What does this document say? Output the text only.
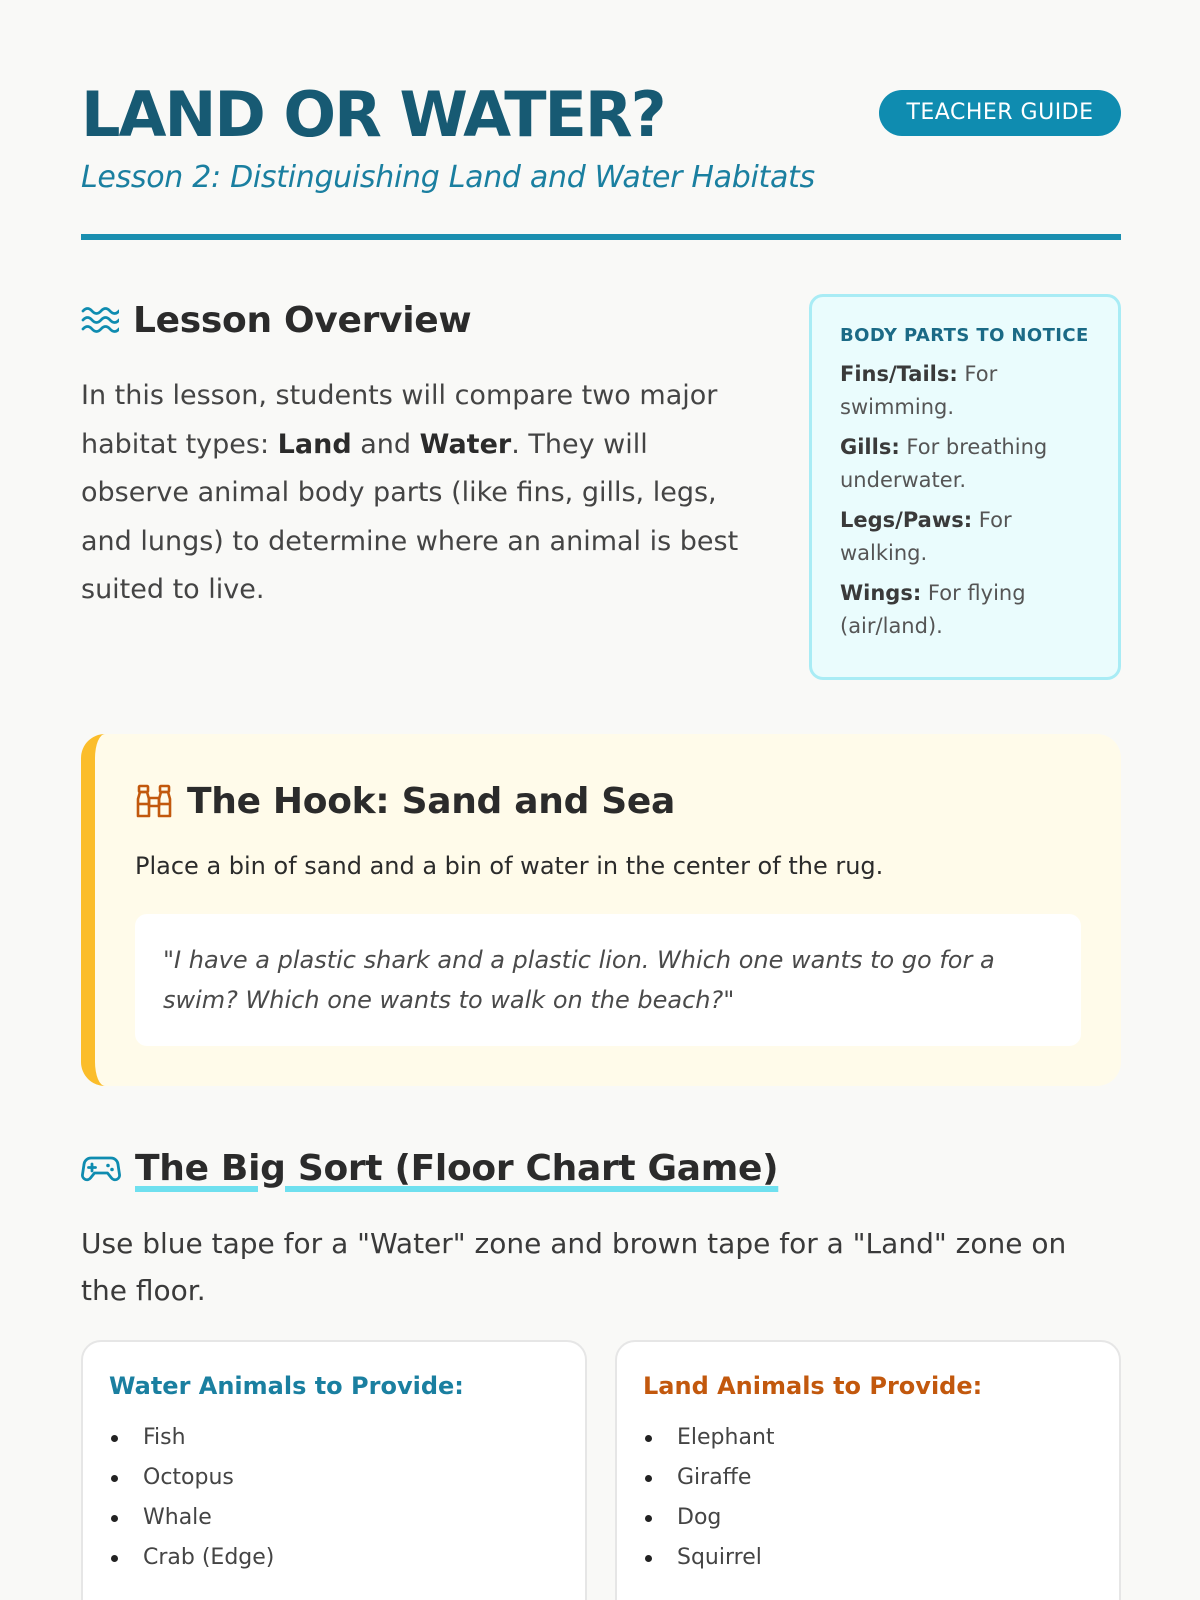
LAND OR WATER?	TEACHER GUIDE
Lesson 2: Distinguishing Land and Water Habitats
Lesson Overview

In this lesson, students will compare two major habitat types: Land and Water. They will observe animal body parts (like fins, gills, legs, and lungs) to determine where an animal is best suited to live.

BODY PARTS TO NOTICE
Fins/Tails: For swimming.
Gills: For breathing underwater.
Legs/Paws: For walking.
Wings: For flying (air/land).
The Hook: Sand and Sea

Place a bin of sand and a bin of water in the center of the rug.

"I have a plastic shark and a plastic lion. Which one wants to go for a swim? Which one wants to walk on the beach?"
The Big Sort (Floor Chart Game)

Use blue tape for a "Water" zone and brown tape for a "Land" zone on the floor.

Water Animals to Provide:
Fish
Octopus
Whale
Crab (Edge)
Land Animals to Provide:
Elephant
Giraffe
Dog
Squirrel
